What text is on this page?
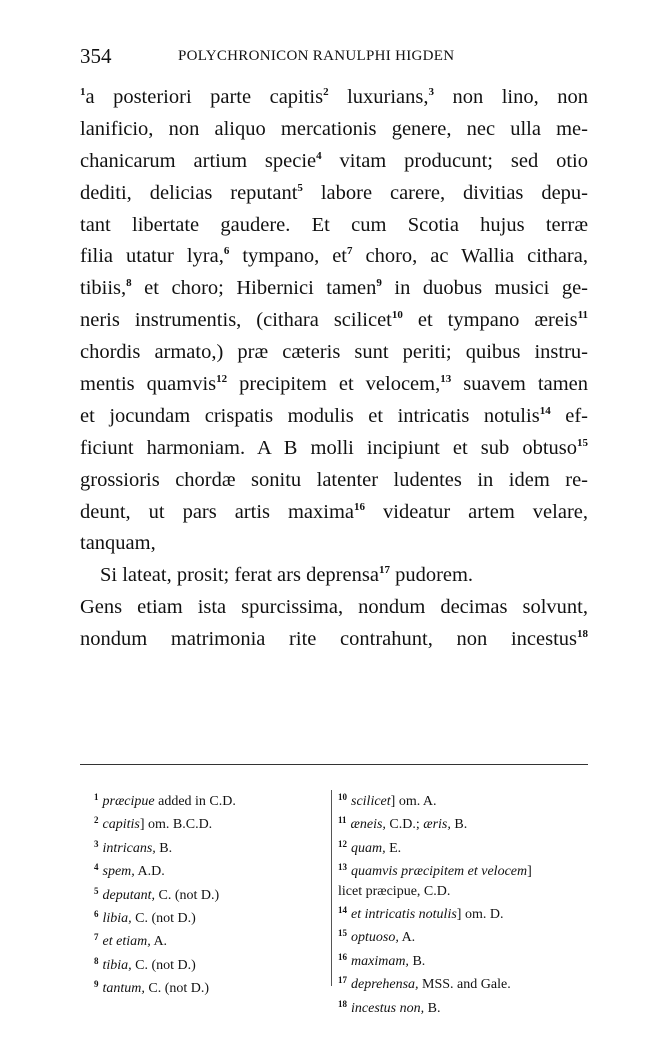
354	POLYCHRONICON RANULPHI HIGDEN
$^1$a posteriori parte capitis$^2$ luxurians,$^3$ non lino, non
lanificio, non aliquo mercationis genere, nec ulla me-
chanicarum artium specie$^4$ vitam producunt; sed otio
dediti, delicias reputant$^5$ labore carere, divitias depu-
tant libertate gaudere. Et cum Scotia hujus terræ
filia utatur lyra,$^6$ tympano, $et^7$ choro, ac Wallia cithara,
tibiis,$^8$ et choro; Hibernici tamen$^9$ in duobus musici ge-
neris instrumentis, (cithara scilicet$^{10}$ et tympano æreis$^{11}$
chordis armato,) præ cæteris sunt periti; quibus instru-
mentis quamvis$^{12}$ precipitem et velocem,$^{13}$ suavem tamen
et jocundam crispatis modulis et intricatis notulis$^{14}$ ef-
ficiunt harmoniam. A B molli incipiunt et sub obtuso$^{15}$
grossioris chordæ sonitu latenter ludentes in idem re-
deunt, ut pars artis maxima$^{16}$ videatur artem velare,
tanquam,
Si lateat, prosit; ferat ars deprensa$^{17}$ pudorem.
Gens etiam ista spurcissima, nondum decimas solvunt,
nondum matrimonia rite contrahunt, non incestus$^{18}$
$^1$ præcipue added in C.D.
$^2$ capitis] om. B.C.D.
$^3$ intricans, B.
$^4$ spem, A.D.
$^5$ deputant, C. (not D.)
$^6$ libia, C. (not D.)
$^7$ et etiam, A.
$^8$ tibia, C. (not D.)
$^9$ tantum, C. (not D.)
$^{10}$ scilicet] om. A.
$^{11}$ æneis, C.D.; æris, B.
$^{12}$ quam, E.
$^{13}$ quamvis præcipitem et velocem]
licet præcipue, C.D.
$^{14}$ et intricatis notulis] om. D.
$^{15}$ optuoso, A.
$^{16}$ maximam, B.
$^{17}$ deprehensa, MSS. and Gale.
$^{18}$ incestus non, B.
